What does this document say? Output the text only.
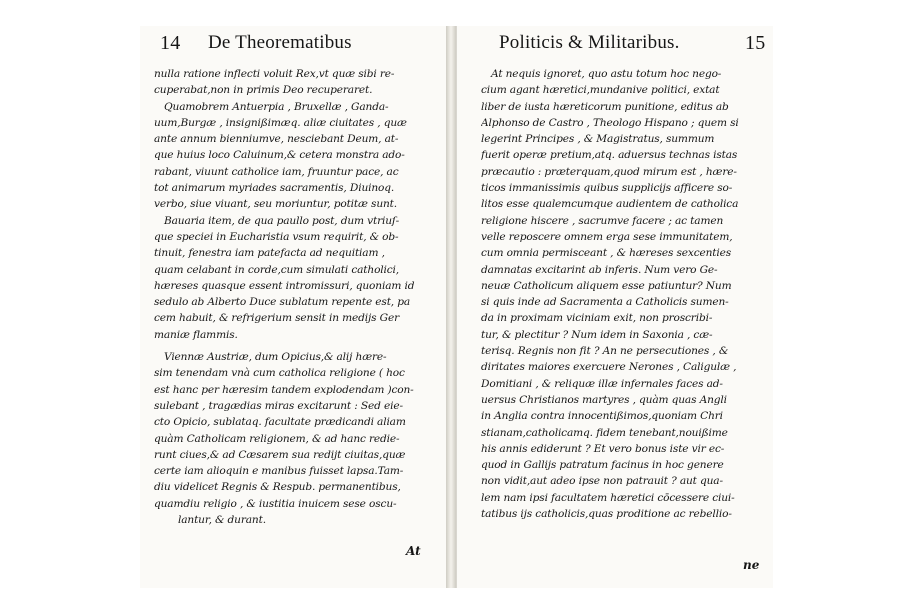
14 De Theorematibus
nulla ratione inflecti voluit Rex,vt quæ sibi re-
cuperabat,non in primis Deo recuperaret.
Quamobrem Antuerpia , Bruxellæ , Ganda-
uum,Burgæ , insignißimæq. aliæ ciuitates , quæ
ante annum bienniumve, nesciebant Deum, at-
que huius loco Caluinum,& cetera monstra ado-
rabant, viuunt catholice iam, fruuntur pace, ac
tot animarum myriades sacramentis, Diuinoq.
verbo, siue viuant, seu moriuntur, potitæ sunt.
Bauaria item, de qua paullo post, dum vtriuſ-
que speciei in Eucharistia vsum requirit, & ob-
tinuit, fenestra iam patefacta ad nequitiam ,
quam celabant in corde,cum simulati catholici,
hæreses quasque essent intromissuri, quoniam id
sedulo ab Alberto Duce sublatum repente est, pa
cem habuit, & refrigerium sensit in medijs Ger
maniæ flammis.
Viennæ Austriæ, dum Opicius,& alij hære-
sim tenendam vnà cum catholica religione ( hoc
est hanc per hæresim tandem explodendam )con-
sulebant , tragædias miras excitarunt : Sed eie-
cto Opicio, sublataq. facultate prædicandi aliam
quàm Catholicam religionem, & ad hanc redie-
runt ciues,& ad Cæsarem sua redijt ciuitas,quæ
certe iam alioquin e manibus fuisset lapsa.Tam-
diu videlicet Regnis & Respub. permanentibus,
quamdiu religio , & iustitia inuicem sese oscu-
lantur, & durant.
At
Politicis & Militaribus.	15
At nequis ignoret, quo astu totum hoc nego-
cium agant hæretici,mundanive politici, extat
liber de iusta hæreticorum punitione, editus ab
Alphonso de Castro , Theologo Hispano ; quem si
legerint Principes , & Magistratus, summum
fuerit operæ pretium,atq. aduersus technas istas
præcautio : præterquam,quod mirum est , hære-
ticos immanissimis quibus supplicijs afficere so-
litos esse qualemcumque audientem de catholica
religione hiscere , sacrumve facere ; ac tamen
velle reposcere omnem erga sese immunitatem,
cum omnia permisceant , & hæreses sexcenties
damnatas excitarint ab inferis. Num vero Ge-
neuæ Catholicum aliquem esse patiuntur? Num
si quis inde ad Sacramenta a Catholicis sumen-
da in proximam viciniam exit, non proscribi-
tur, & plectitur ? Num idem in Saxonia , cæ-
terisq. Regnis non fit ? An ne persecutiones , &
diritates maiores exercuere Nerones , Caligulæ ,
Domitiani , & reliquæ illæ infernales faces ad-
uersus Christianos martyres , quàm quas Angli
in Anglia contra innocentißimos,quoniam Chri
stianam,catholicamq. fidem tenebant,nouißime
his annis ediderunt ? Et vero bonus iste vir ec-
quod in Gallijs patratum facinus in hoc genere
non vidit,aut adeo ipse non patrauit ? aut qua-
lem nam ipsi facultatem hæretici cōcessere ciui-
tatibus ijs catholicis,quas proditione ac rebellio-
ne
